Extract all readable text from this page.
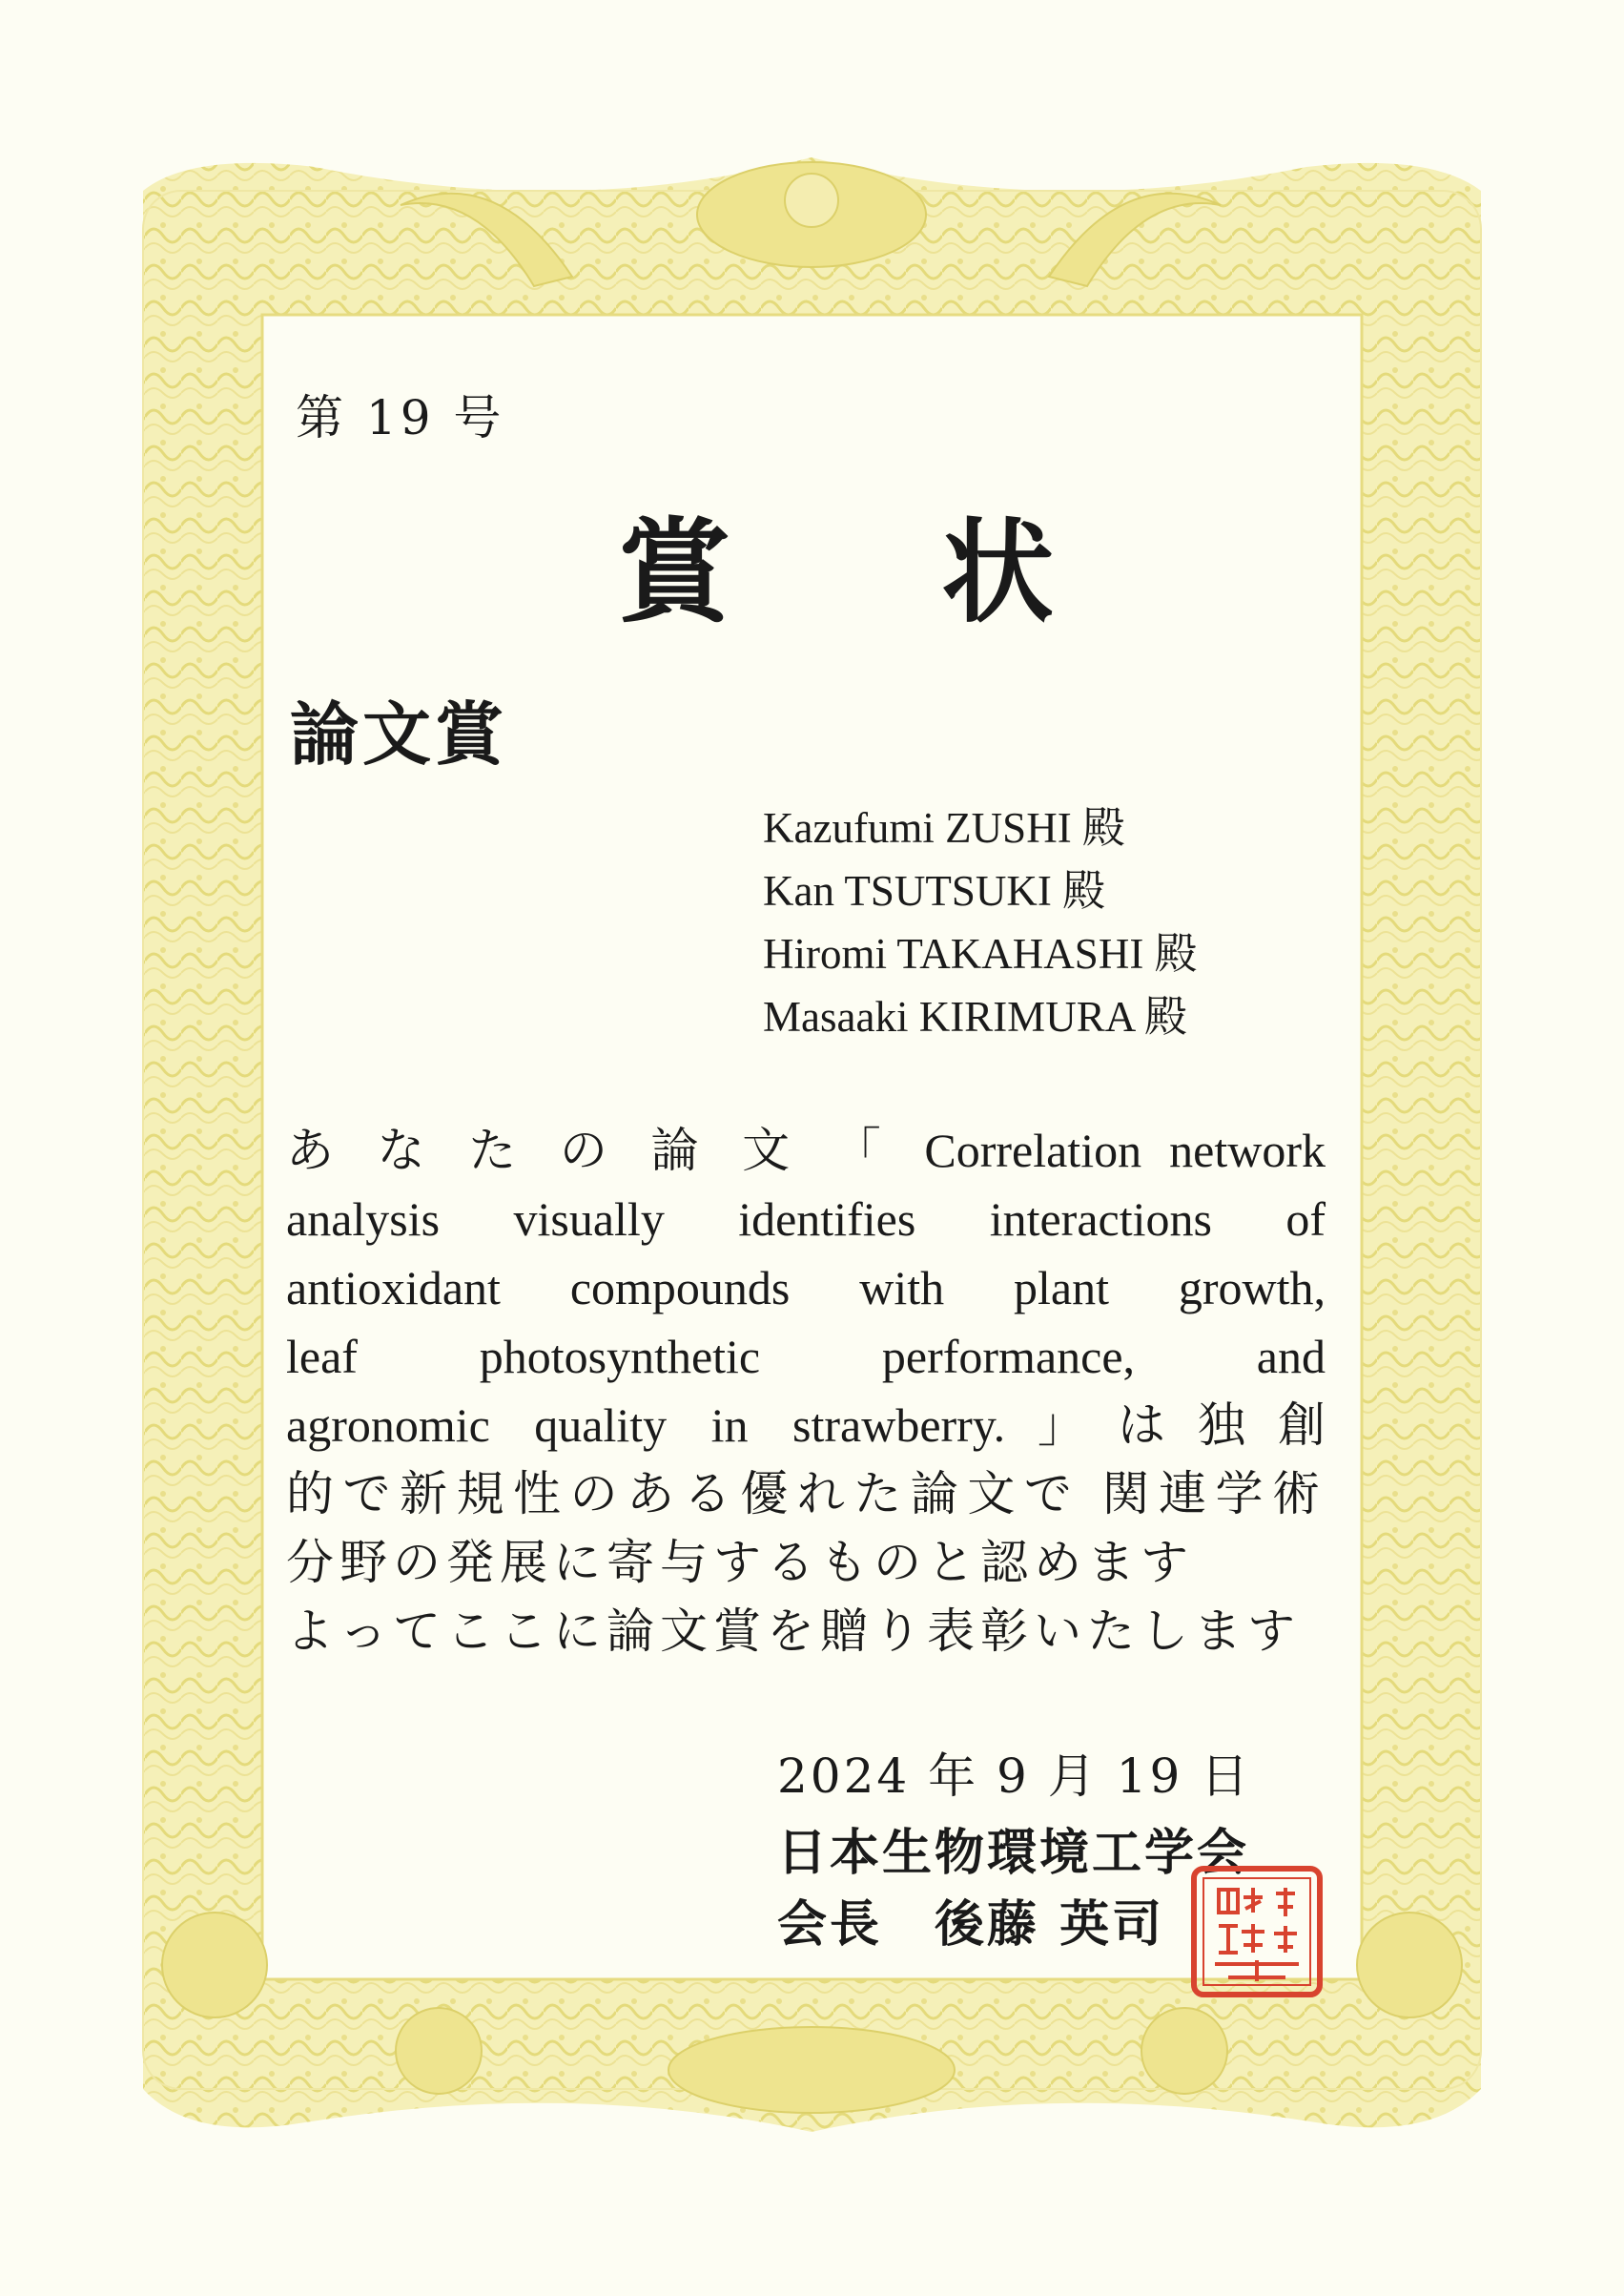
第 19 号
賞 状
論文賞
Kazufumi ZUSHI 殿
Kan TSUTSUKI 殿
Hiromi TAKAHASHI 殿
Masaaki KIRIMURA 殿
あ な た の 論 文 「 Correlation network
analysis visually identifies interactions of
antioxidant compounds with plant growth,
leaf photosynthetic performance, and
agronomic quality in strawberry.」は独創
的で新規性のある優れた論文で 関連学術
分野の発展に寄与するものと認めます
よってここに論文賞を贈り表彰いたします
2024 年 9 月 19 日
日本生物環境工学会
会長　後藤 英司
